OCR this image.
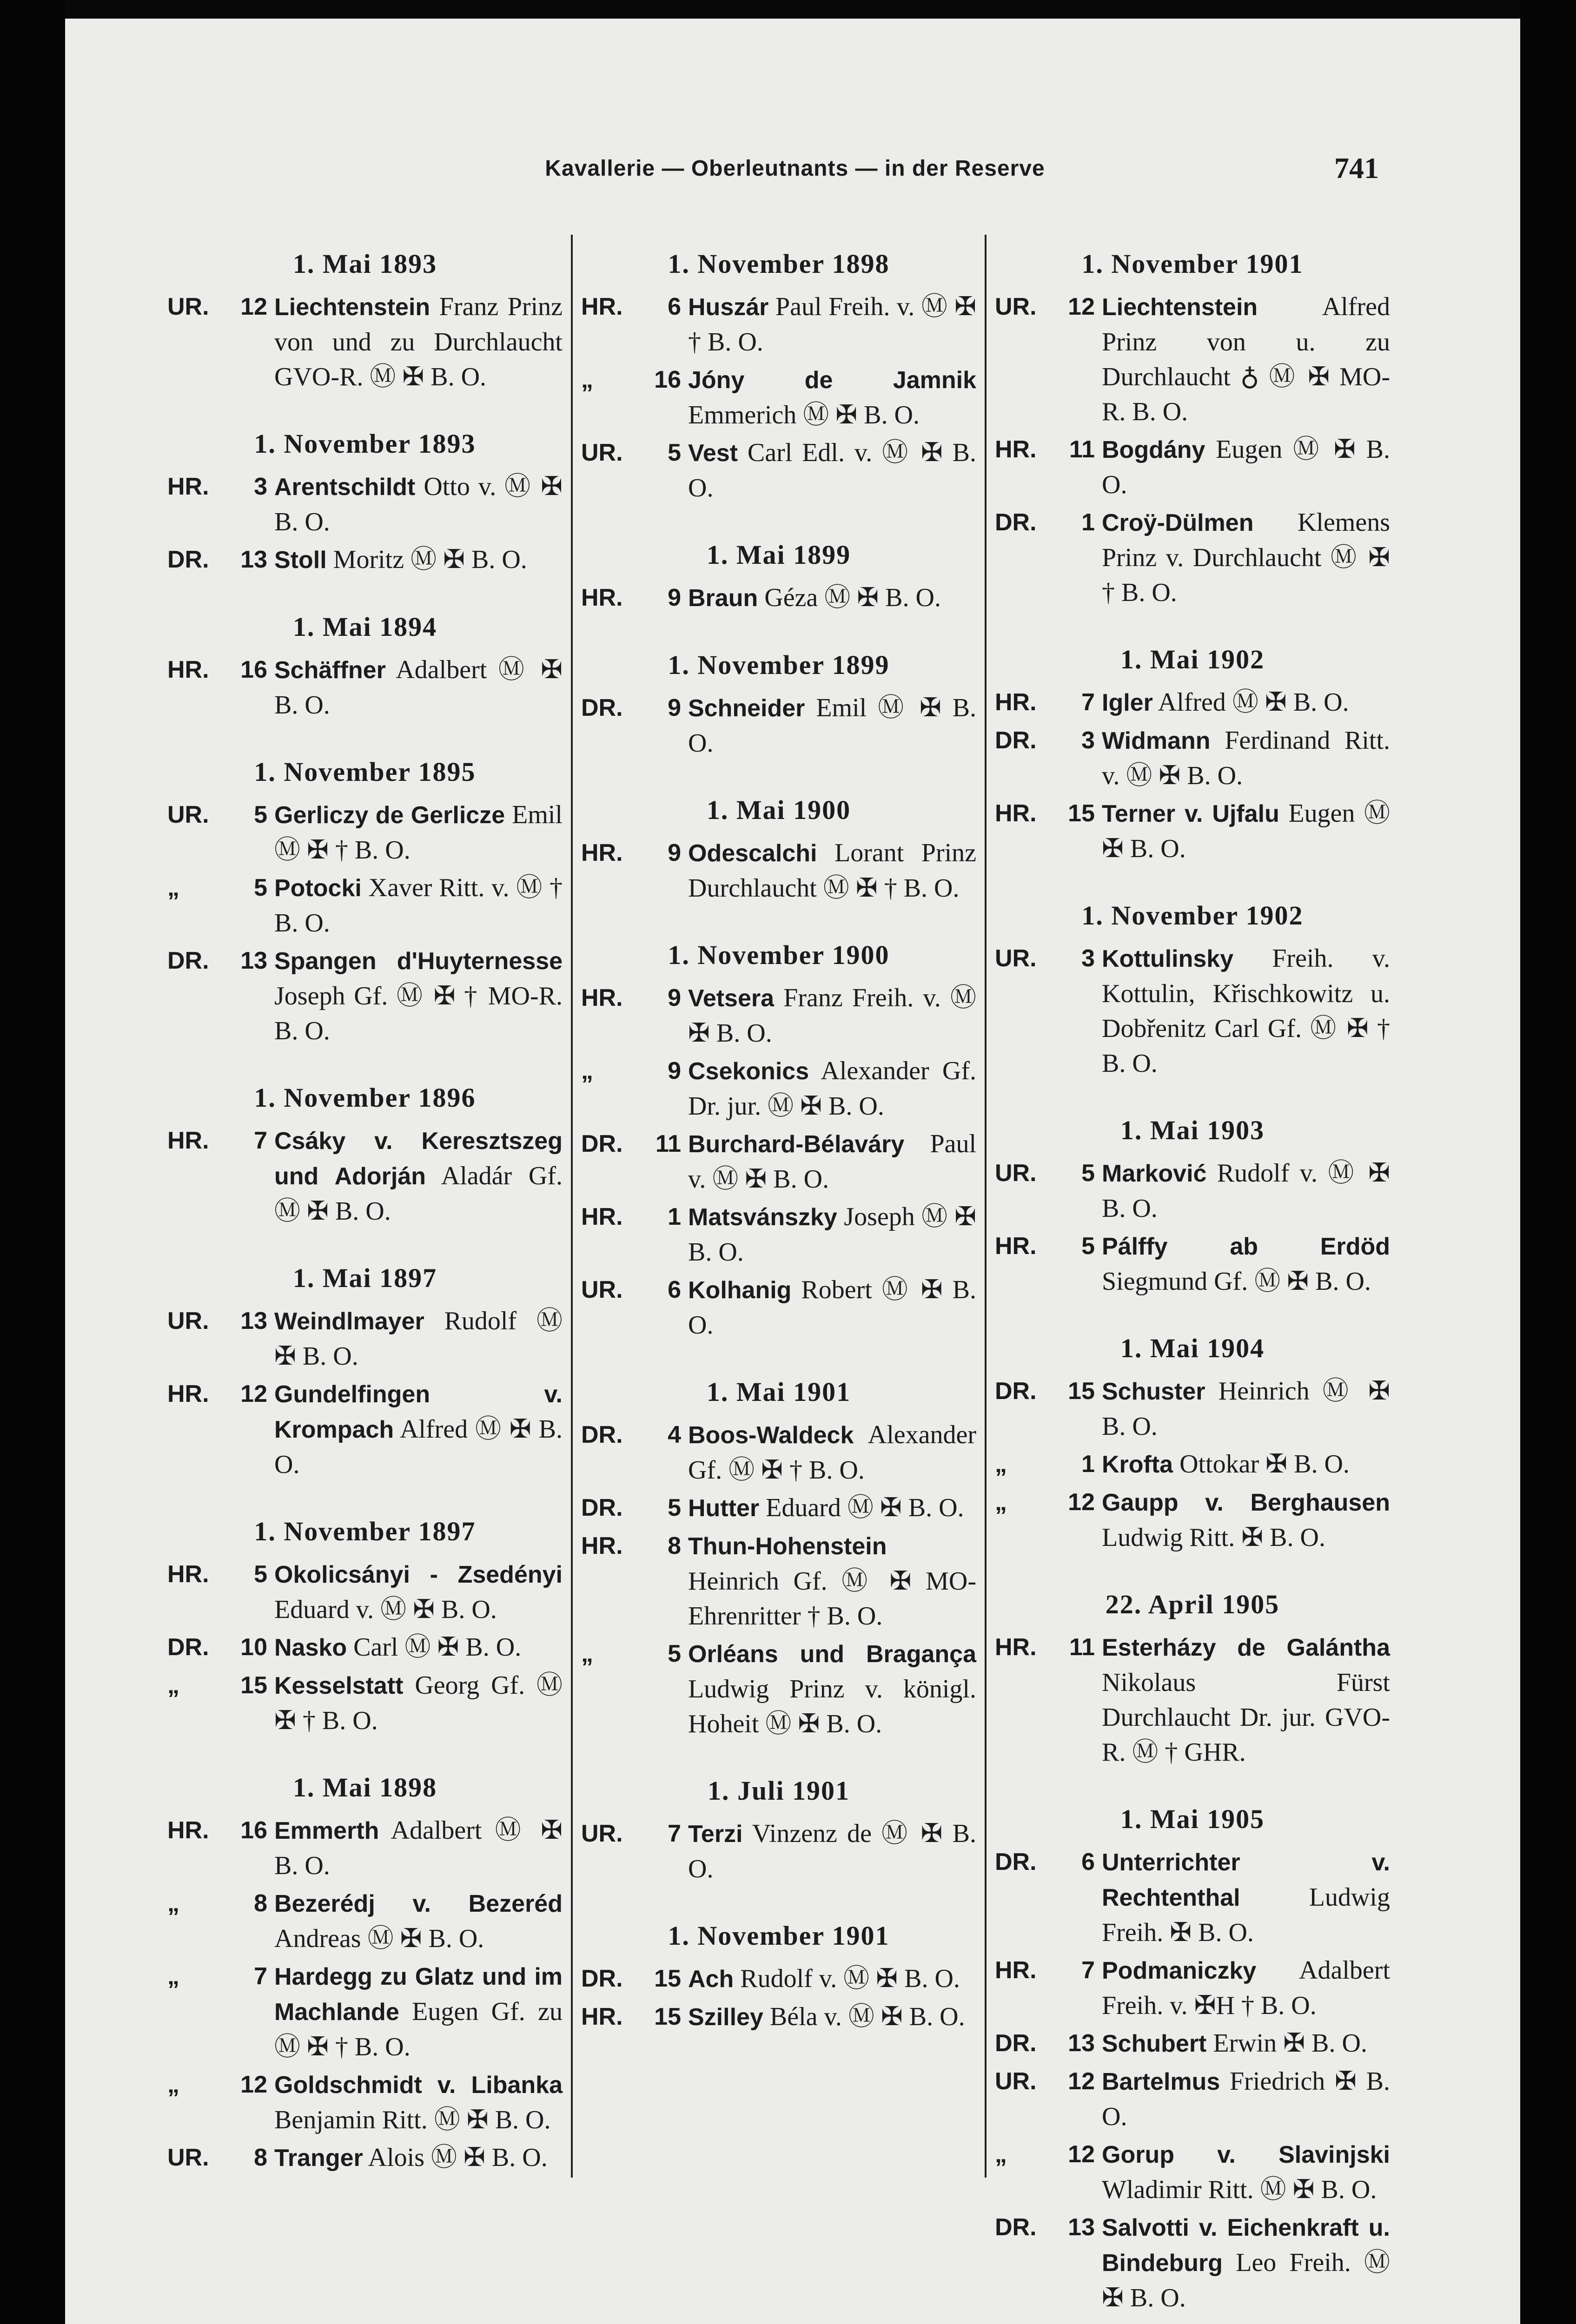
Kavallerie — Oberleutnants — in der Reserve	741
1. Mai 1893
UR.	12 Liechtenstein Franz Prinz von und zu Durchlaucht GVO-R. Ⓜ ✠ B. O.
1. November 1893
HR.	3 Arentschildt Otto v. Ⓜ ✠ B. O.
DR.	13 Stoll Moritz Ⓜ ✠ B. O.
1. Mai 1894
HR.	16 Schäffner Adalbert Ⓜ ✠ B. O.
1. November 1895
UR.	5 Gerliczy de Gerlicze Emil Ⓜ ✠ † B. O.
„	5 Potocki Xaver Ritt. v. Ⓜ † B. O.
DR.	13 Spangen d'Huyternesse Joseph Gf. Ⓜ ✠ † MO-R. B. O.
1. November 1896
HR.	7 Csáky v. Keresztszeg und Adorján Aladár Gf. Ⓜ ✠ B. O.
1. Mai 1897
UR.	13 Weindlmayer Rudolf Ⓜ ✠ B. O.
HR.	12 Gundelfingen v. Krompach Alfred Ⓜ ✠ B. O.
1. November 1897
HR.	5 Okolicsányi - Zsedényi Eduard v. Ⓜ ✠ B. O.
DR.	10 Nasko Carl Ⓜ ✠ B. O.
„	15 Kesselstatt Georg Gf. Ⓜ ✠ † B. O.
1. Mai 1898
HR.	16 Emmerth Adalbert Ⓜ ✠ B. O.
„	8 Bezerédj v. Bezeréd Andreas Ⓜ ✠ B. O.
„	7 Hardegg zu Glatz und im Machlande Eugen Gf. zu Ⓜ ✠ † B. O.
„	12 Goldschmidt v. Libanka Benjamin Ritt. Ⓜ ✠ B. O.
UR.	8 Tranger Alois Ⓜ ✠ B. O.
1. November 1898
HR.	6 Huszár Paul Freih. v. Ⓜ ✠ † B. O.
„	16 Jóny de Jamnik Emmerich Ⓜ ✠ B. O.
UR.	5 Vest Carl Edl. v. Ⓜ ✠ B. O.
1. Mai 1899
HR.	9 Braun Géza Ⓜ ✠ B. O.
1. November 1899
DR.	9 Schneider Emil Ⓜ ✠ B. O.
1. Mai 1900
HR.	9 Odescalchi Lorant Prinz Durchlaucht Ⓜ ✠ † B. O.
1. November 1900
HR.	9 Vetsera Franz Freih. v. Ⓜ ✠ B. O.
„	9 Csekonics Alexander Gf. Dr. jur. Ⓜ ✠ B. O.
DR.	11 Burchard-Bélaváry Paul v. Ⓜ ✠ B. O.
HR.	1 Matsvánszky Joseph Ⓜ ✠ B. O.
UR.	6 Kolhanig Robert Ⓜ ✠ B. O.
1. Mai 1901
DR.	4 Boos-Waldeck Alexander Gf. Ⓜ ✠ † B. O.
DR.	5 Hutter Eduard Ⓜ ✠ B. O.
HR.	8 Thun-Hohenstein Heinrich Gf. Ⓜ ✠ MO-Ehrenritter † B. O.
„	5 Orléans und Bragança Ludwig Prinz v. königl. Hoheit Ⓜ ✠ B. O.
1. Juli 1901
UR.	7 Terzi Vinzenz de Ⓜ ✠ B. O.
1. November 1901
DR.	15 Ach Rudolf v. Ⓜ ✠ B. O.
HR.	15 Szilley Béla v. Ⓜ ✠ B. O.
1. November 1901
UR.	12 Liechtenstein Alfred Prinz von u. zu Durchlaucht ♁ Ⓜ ✠ MO-R. B. O.
HR.	11 Bogdány Eugen Ⓜ ✠ B. O.
DR.	1 Croÿ-Dülmen Klemens Prinz v. Durchlaucht Ⓜ ✠ † B. O.
1. Mai 1902
HR.	7 Igler Alfred Ⓜ ✠ B. O.
DR.	3 Widmann Ferdinand Ritt. v. Ⓜ ✠ B. O.
HR.	15 Terner v. Ujfalu Eugen Ⓜ ✠ B. O.
1. November 1902
UR.	3 Kottulinsky Freih. v. Kottulin, Křischkowitz u. Dobřenitz Carl Gf. Ⓜ ✠ † B. O.
1. Mai 1903
UR.	5 Marković Rudolf v. Ⓜ ✠ B. O.
HR.	5 Pálffy ab Erdöd Siegmund Gf. Ⓜ ✠ B. O.
1. Mai 1904
DR.	15 Schuster Heinrich Ⓜ ✠ B. O.
„	1 Krofta Ottokar ✠ B. O.
„	12 Gaupp v. Berghausen Ludwig Ritt. ✠ B. O.
22. April 1905
HR.	11 Esterházy de Galántha Nikolaus Fürst Durchlaucht Dr. jur. GVO-R. Ⓜ † GHR.
1. Mai 1905
DR.	6 Unterrichter v. Rechtenthal	Ludwig Freih. ✠ B. O.
HR.	7 Podmaniczky Adalbert Freih. v. ✠H † B. O.
DR.	13 Schubert Erwin ✠ B. O.
UR.	12 Bartelmus Friedrich ✠ B. O.
„	12 Gorup v. Slavinjski Wladimir Ritt. Ⓜ ✠ B. O.
DR.	13 Salvotti v. Eichenkraft u. Bindeburg Leo Freih. Ⓜ ✠ B. O.
